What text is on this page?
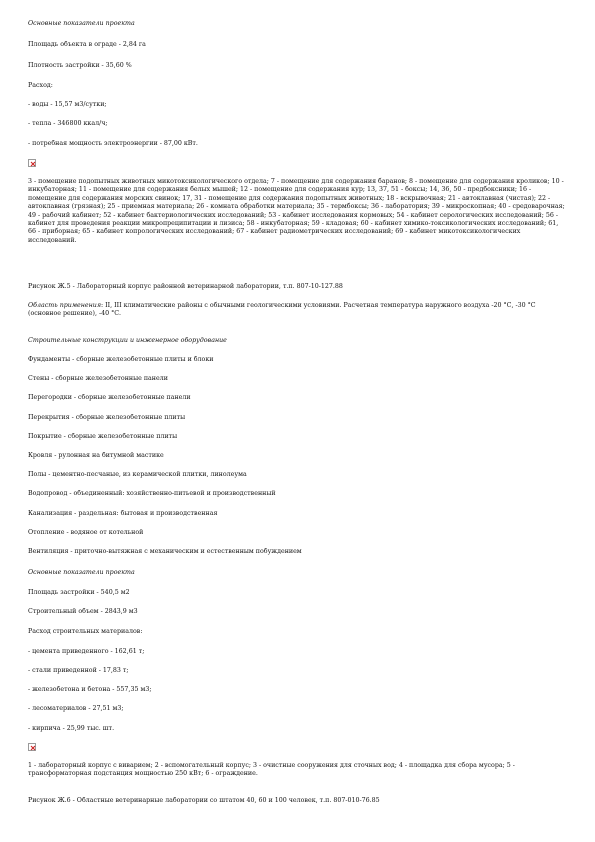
Основные показатели проекта
Площадь объекта в ограде - 2,84 га
Плотность застройки - 35,60 %
Расход:
- воды - 15,57 м3/сутки;
- тепла - 346800 ккал/ч;
- потребная мощность электроэнергии - 87,00 кВт.
3 - помещение подопытных животных микотоксикологического отдела; 7 - помещение для содержания баранов; 8 - помещение для содержания кроликов; 10 - инкубаторная; 11 - помещение для содержания белых мышей; 12 - помещение для содержания кур; 13, 37, 51 - боксы; 14, 36, 50 - предбоксники; 16 - помещение для содержания морских свинок; 17, 31 - помещение для содержания подопытных животных; 18 - вскрывочная; 21 - автоклавная (чистая); 22 - автоклавная (грязная); 25 - приемная материала; 26 - комната обработки материала; 35 - термбоксы; 36 - лаборатория; 39 - микроскопная; 40 - средоварочная; 49 - рабочий кабинет; 52 - кабинет бактериологических исследований; 53 - кабинет исследования кормовых; 54 - кабинет серологических исследований; 56 - кабинет для проведения реакции микропреципитации и лизиса; 58 - инкубаторная; 59 - кладовая; 60 - кабинет химико-токсикологических исследований; 61, 66 - приборная; 65 - кабинет копрологических исследований; 67 - кабинет радиометрических исследований; 69 - кабинет микотоксикологических исследований.
Рисунок Ж.5 - Лабораторный корпус районной ветеринарной лаборатории, т.п. 807-10-127.88
Область применения: II, III климатические районы с обычными геологическими условиями. Расчетная температура наружного воздуха -20 °С, -30 °С (основное решение), -40 °С.
Строительные конструкции и инженерное оборудование
Фундаменты - сборные железобетонные плиты и блоки
Стены - сборные железобетонные панели
Перегородки - сборные железобетонные панели
Перекрытия - сборные железобетонные плиты
Покрытие - сборные железобетонные плиты
Кровля - рулонная на битумной мастике
Полы - цементно-песчаные, из керамической плитки, линолеума
Водопровод - объединенный: хозяйственно-питьевой и производственный
Канализация - раздельная: бытовая и производственная
Отопление - водяное от котельной
Вентиляция - приточно-вытяжная с механическим и естественным побуждением
Основные показатели проекта
Площадь застройки - 540,5 м2
Строительный объем - 2843,9 м3
Расход строительных материалов:
- цемента приведенного - 162,61 т;
- стали приведенной - 17,83 т;
- железобетона и бетона - 557,35 м3;
- лесоматериалов - 27,51 м3;
- кирпича - 25,99 тыс. шт.
1 - лабораторный корпус с виварием; 2 - вспомогательный корпус; 3 - очистные сооружения для сточных вод; 4 - площадка для сбора мусора; 5 - трансформаторная подстанция мощностью 250 кВт; 6 - ограждение.
Рисунок Ж.6 - Областные ветеринарные лаборатории со штатом 40, 60 и 100 человек, т.п. 807-010-76.85
